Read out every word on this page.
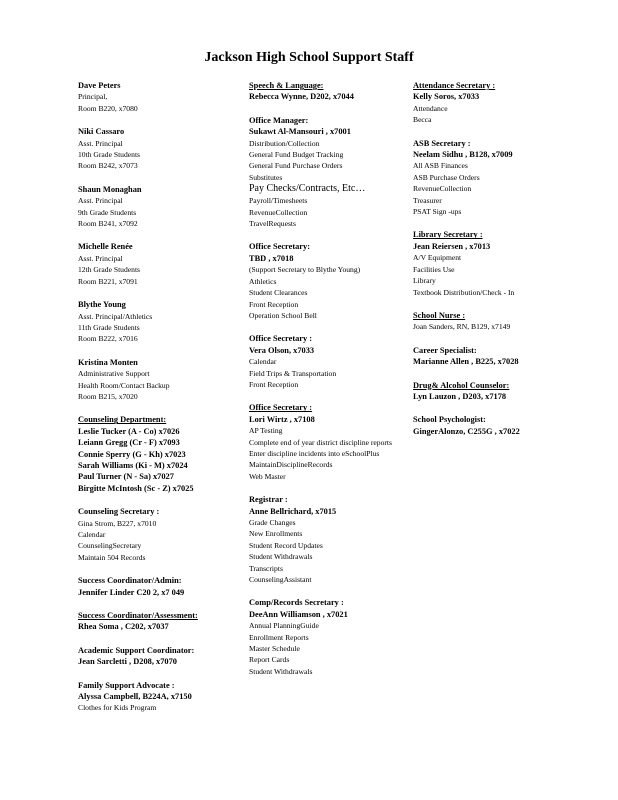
Jackson High School Support Staff
Dave Peters
Principal,
Room B220, x7080
Niki Cassaro
Asst. Principal
10th Grade Students
Room B242, x7073
Shaun Monaghan
Asst. Principal
9th Grade Students
Room B241, x7092
Michelle Renée
Asst. Principal
12th Grade Students
Room B221, x7091
Blythe Young
Asst. Principal/Athletics
11th Grade Students
Room B222, x7016
Kristina Monten
Administrative Support
Health Room/Contact Backup
Room B215, x7020
Counseling Department:
Leslie Tucker (A - Co) x7026
Leiann Gregg (Cr - F) x7093
Connie Sperry (G - Kh) x7023
Sarah Williams (Ki - M) x7024
Paul Turner (N - Sa) x7027
Birgitte McIntosh (Sc - Z) x7025
Counseling Secretary :
Gina Strom, B227, x7010
Calendar
CounselingSecretary
Maintain 504 Records
Success Coordinator/Admin:
Jennifer Linder C20 2, x7 049
Success Coordinator/Assessment:
Rhea Soma , C202, x7037
Academic Support Coordinator:
Jean Sarcletti , D208, x7070
Family Support Advocate :
Alyssa Campbell, B224A, x7150
Clothes for Kids Program
Speech & Language:
Rebecca Wynne, D202, x7044
Office Manager:
Sukawt Al-Mansouri , x7001
Distribution/Collection
General Fund Budget Tracking
General Fund Purchase Orders
Substitutes
Pay Checks/Contracts, Etc…
Payroll/Timesheets
RevenueCollection
TravelRequests
Office Secretary:
TBD , x7018
(Support Secretary to Blythe Young)
Athletics
Student Clearances
Front Reception
Operation School Bell
Office Secretary :
Vera Olson, x7033
Calendar
Field Trips & Transportation
Front Reception
Office Secretary :
Lori Wirtz , x7108
AP Testing
Complete end of year district discipline reports
Enter discipline incidents into eSchoolPlus
MaintainDisciplineRecords
Web Master
Registrar :
Anne Bellrichard, x7015
Grade Changes
New Enrollments
Student Record Updates
Student Withdrawals
Transcripts
CounselingAssistant
Comp/Records Secretary :
DeeAnn Williamson , x7021
Annual PlanningGuide
Enrollment Reports
Master Schedule
Report Cards
Student Withdrawals
Attendance Secretary :
Kelly Soros, x7033
Attendance
Becca
ASB Secretary :
Neelam Sidhu , B128, x7009
All ASB Finances
ASB Purchase Orders
RevenueCollection
Treasurer
PSAT Sign -ups
Library Secretary :
Jean Reiersen , x7013
A/V Equipment
Facilities Use
Library
Textbook Distribution/Check - In
School Nurse :
Joan Sanders, RN, B129, x7149
Career Specialist:
Marianne Allen , B225, x7028
Drug& Alcohol Counselor:
Lyn Lauzon , D203, x7178
School Psychologist:
GingerAlonzo, C255G , x7022
